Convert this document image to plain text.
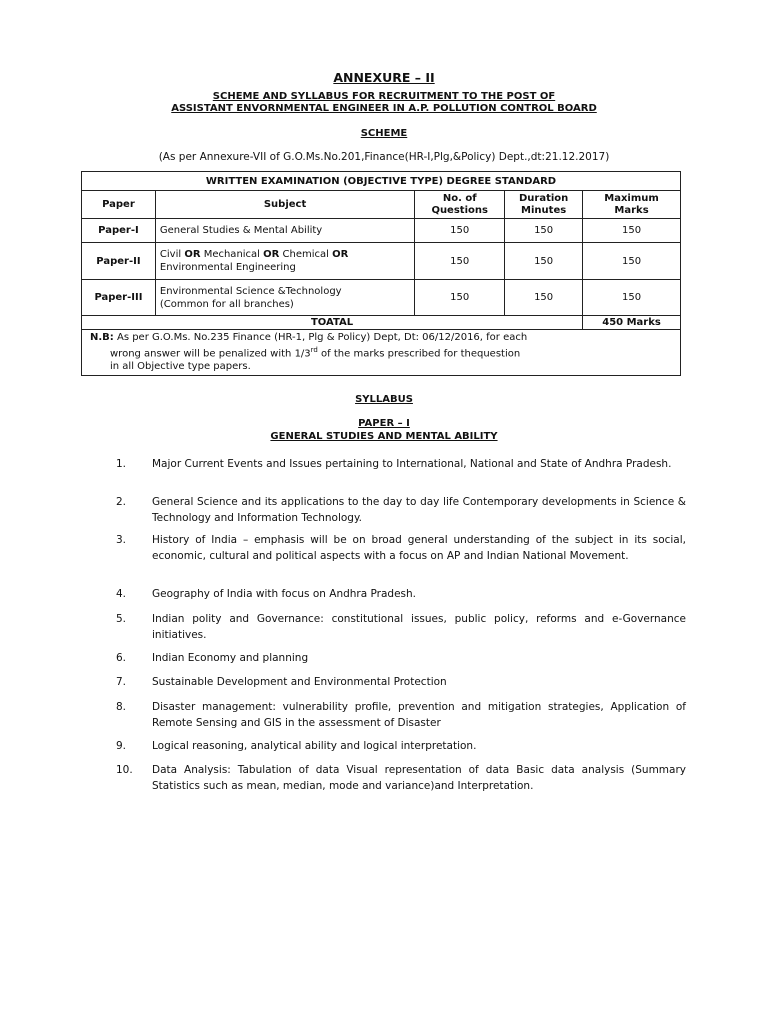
ANNEXURE – II
SCHEME AND SYLLABUS FOR RECRUITMENT TO THE POST OF
ASSISTANT ENVORNMENTAL ENGINEER IN A.P. POLLUTION CONTROL BOARD
SCHEME
(As per Annexure-VII of G.O.Ms.No.201,Finance(HR-I,Plg,&Policy) Dept.,dt:21.12.2017)
WRITTEN EXAMINATION (OBJECTIVE TYPE) DEGREE STANDARD				
Paper	Subject	No. of Questions	Duration Minutes	Maximum Marks
Paper-I	General Studies & Mental Ability	150	150	150
Paper-II	Civil OR Mechanical OR Chemical OR
Environmental Engineering	150	150	150
Paper-III	Environmental Science &Technology
(Common for all branches)	150	150	150
TOATAL				450 Marks
N.B: As per G.O.Ms. No.235 Finance (HR-1, Plg & Policy) Dept, Dt: 06/12/2016, for each
wrong answer will be penalized with 1/3rd of the marks prescribed for thequestion
in all Objective type papers.				
SYLLABUS
PAPER – I
GENERAL STUDIES AND MENTAL ABILITY
1. Major Current Events and Issues pertaining to International, National and State of Andhra Pradesh.
2. General Science and its applications to the day to day life Contemporary developments in Science & Technology and Information Technology.
3. History of India – emphasis will be on broad general understanding of the subject in its social, economic, cultural and political aspects with a focus on AP and Indian National Movement.
4. Geography of India with focus on Andhra Pradesh.
5. Indian polity and Governance: constitutional issues, public policy, reforms and e-Governance initiatives.
6. Indian Economy and planning
7. Sustainable Development and Environmental Protection
8. Disaster management: vulnerability profile, prevention and mitigation strategies, Application of Remote Sensing and GIS in the assessment of Disaster
9. Logical reasoning, analytical ability and logical interpretation.
10. Data Analysis: Tabulation of data Visual representation of data Basic data analysis (Summary Statistics such as mean, median, mode and variance)and Interpretation.
